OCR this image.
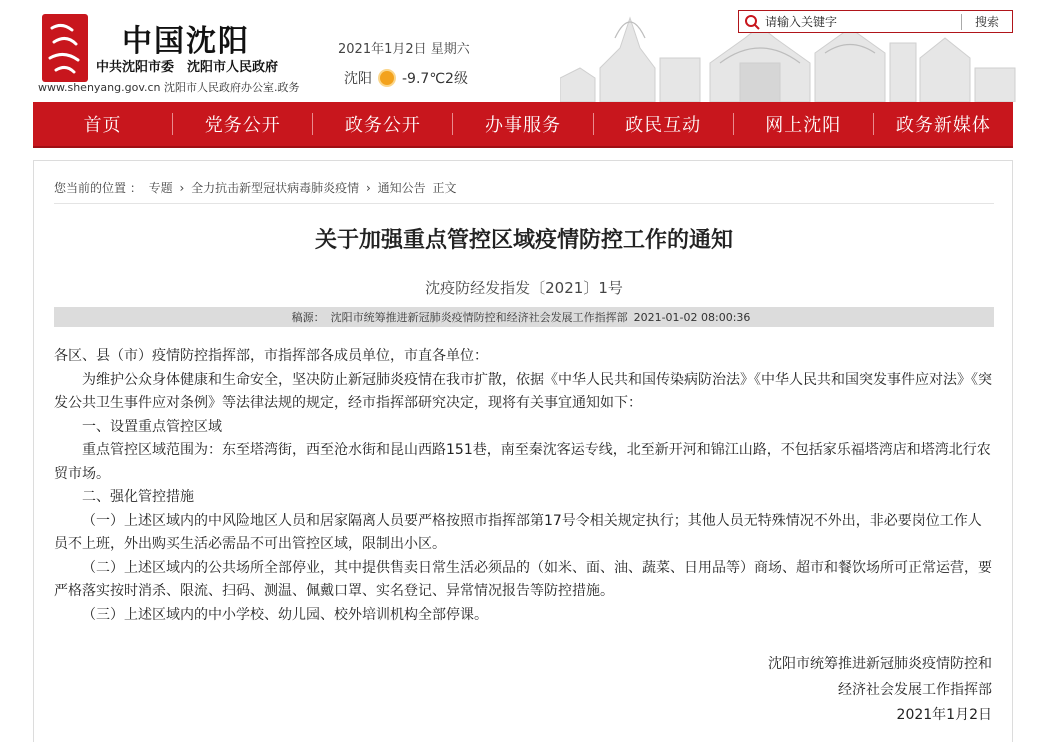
中国沈阳
中共沈阳市委　沈阳市人民政府
www.shenyang.gov.cn 沈阳市人民政府办公室.政务
2021年1月2日 星期六
沈阳 -9.7℃2级
请输入关键字
搜索
首页	党务公开	政务公开	办事服务	政民互动	网上沈阳	政务新媒体
您当前的位置 ： 专题 › 全力抗击新型冠状病毒肺炎疫情 › 通知公告 正文
关于加强重点管控区域疫情防控工作的通知
沈疫防经发指发〔2021〕1号
稿源： 沈阳市统筹推进新冠肺炎疫情防控和经济社会发展工作指挥部 2021-01-02 08:00:36

各区、县（市）疫情防控指挥部，市指挥部各成员单位，市直各单位：

为维护公众身体健康和生命安全，坚决防止新冠肺炎疫情在我市扩散，依据《中华人民共和国传染病防治法》《中华人民共和国突发事件应对法》《突发公共卫生事件应对条例》等法律法规的规定，经市指挥部研究决定，现将有关事宜通知如下：

一、设置重点管控区域

重点管控区域范围为：东至塔湾街，西至沧水街和昆山西路151巷，南至秦沈客运专线，北至新开河和锦江山路，不包括家乐福塔湾店和塔湾北行农贸市场。

二、强化管控措施

（一）上述区域内的中风险地区人员和居家隔离人员要严格按照市指挥部第17号令相关规定执行；其他人员无特殊情况不外出，非必要岗位工作人员不上班，外出购买生活必需品不可出管控区域，限制出小区。

（二）上述区域内的公共场所全部停业，其中提供售卖日常生活必须品的（如米、面、油、蔬菜、日用品等）商场、超市和餐饮场所可正常运营，要严格落实按时消杀、限流、扫码、测温、佩戴口罩、实名登记、异常情况报告等防控措施。

（三）上述区域内的中小学校、幼儿园、校外培训机构全部停课。

沈阳市统筹推进新冠肺炎疫情防控和
经济社会发展工作指挥部
2021年1月2日
